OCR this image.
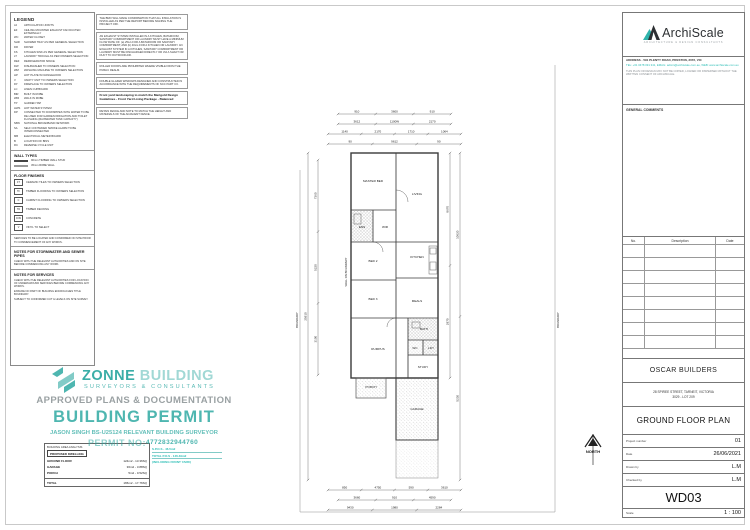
LEGEND
AJ	ARTICULATION JOINTS
EF	CEILING MOUNTED EXHAUST FAN DUCTED EXTERNALLY
WC	WATER CLOSET
SHR	SHOWER TRAY AS PER GENERAL SELECTION
DR	DRYER
KS	KITCHEN SINK AS PER GENERAL SELECTION
LT	LAUNDRY TROUGH AS PER OWNERS SELECTION
REF	REFRIGERATOR SPACE
DW	DISHWASHER TO OWNERS SELECTION
WM	WASHING MACHINE TO OWNERS SELECTION
HP	HOT PLATE W/ RANGEHOOD
V	VANITY UNIT TO OWNERS SELECTION
FP	FIREPLACE TO OWNERS SELECTION
LC	LINEN CUPBOARD
BIR	BUILT IN ROBE
WIR	WALK IN ROBE
TP	GARDEN TAP
HWS	HOT WATER SYSTEM
DP	CONNECTED TO DOWNPIPES WITH WATER TO BE RE-USED FOR GARDEN IRRIGATION AND TOILET FLUSHING (RAINWATER TANK CAPACITY)
NBN	NATIONAL BROADBAND NETWORK
SA	SELF CONTAINED SMOKE ALARM TO BE INTERCONNECTED
MB	ELECTRICAL METER BOARD
B	LOCATION OF BINS
RC	REVERSE CYCLE UNIT
WALL TYPES
90mm TIMBER WALL STUD
45mm ROBE WALL
FLOOR FINISHES
FT	CERAMIC TILES TO OWNERS SELECTION
TF	TIMBER FLOORING TO OWNERS SELECTION
C	CARPET FLOORING TO OWNERS SELECTION
TD	TIMBER DECKING
CON	CONCRETE
V	VINYL TO SELECT
SERVICES TO BE LOCATED AND CONFIRMED ON SITE PRIOR TO COMMENCEMENT OF ANY WORKS.
NOTES FOR STORMWATER AND SEWER PIPES
CHECK WITH THE RELEVANT AUTHORITIES AND ON SITE BEFORE COMMENCING ANY WORK.
NOTES FOR SERVICES
CHECK WITH THE RELEVANT AUTHORITIES FOR LOCATION OF UNDERGROUND SERVICES BEFORE COMMENCING ANY WORKS.
ENSURE NO PART OF BUILDING ENCROACHES TITLE BOUNDARY.
SUBJECT TO CONFIRMED CUT & LEVELS ON SITE SURVEY.
THE BMO WILL MAKE CONFIRMATION THAT ALL INSULATION IS INSTALLED AS PER THE REPORT BEFORE SIGNING THE PROJECT OFF.
AN EXHAUST SYSTEM INSTALLED IN A KITCHEN, BATHROOM, SANITARY COMPARTMENT OR LAUNDRY MUST HAVE A MINIMUM FLOW RATE OF: (a) 25L/s FOR A BATHROOM OR SANITARY COMPARTMENT; AND (b) 40L/s FOR A KITCHEN OR LAUNDRY. AN EXHAUST SYSTEM IN A KITCHEN, SANITARY COMPARTMENT OR LAUNDRY MUST BE DISCHARGED DIRECTLY OR VIA A SHAFT OR DUCT TO OUTDOOR AIR.
ROLLER DOORS ARE PROHIBITED WHERE VISIBLE FROM THE PUBLIC REALM.
DOUBLE GLAZED WINDOWS DESIGNED AND CONSTRUCTED IN ACCORDANCE WITH THE REQUIREMENTS OF NCC PART 3.6.
Front yard landscaping to match the Marigold Design Guidelines - Front Yard Living Package - Balanced
RETAIN FENCE AND NOTE TO MATCH THE HEIGHT AND MATERIALS OF THE ADJACENT FENCE.
NORTH
910	3600	910
3612	1100W	2170
1140	2170	1710	1064
90	9612	90
850	4750	590	3610
3660	910	4590
9430	1980	2284
7360
5220
3100
25910
8670
2870
10620
5230
MASTER BED
ENS	WIR
LIVING
BED 2
BED 3
KITCHEN
MEALS
RUMPUS
BATH
WC	LDY
STUDY
GARAGE
PORCH
WALL ON BOUNDARY
BOUNDARY	BOUNDARY
ArchiScale
ARCHITECTURE & DESIGN CONSULTANTS
ADDRESS - 591 PLENTY ROAD, PRESTON, 3072, VIC
TEL: +61 0478 091 341, EMAIL: admin@archiscale.com.au, WEB: www.archiscale.com.au
THIS PLAN OR DESIGN MAY NOT BE COPIED, LOANED OR DISPERSED WITHOUT THE WRITTEN CONSENT OF ARCHISCALE.
GENERAL COMMENTS
No.	Description	Date
OSCAR BUILDERS
28 SPIREE STREET, TARNEIT, VICTORIA
3029 - LOT 209
GROUND FLOOR PLAN
Project number	01
Date	26/06/2021
Drawn by	L.M
Checked by	L.M
WD03
Scale	1 : 100
BUILDING AREA ANALYSIS
PROPOSED DWELLING
GROUND FLOOR	124m2 - 13.36SQ
GARAGE	36m2 - 3.88SQ
PORCH	5m2 - 0.52SQ
TOTAL	165m2 - 17.76SQ
S.P.O.S - 46.5m2
TOTAL P.O.S - 146.49m2
(INCLUDING FRONT YARD)
ZONNE BUILDING
SURVEYORS & CONSULTANTS
APPROVED PLANS & DOCUMENTATION
BUILDING PERMIT
JASON SINGH BS-U25124 RELEVANT BUILDING SURVEYOR
PERMIT NO: 4772832944760
